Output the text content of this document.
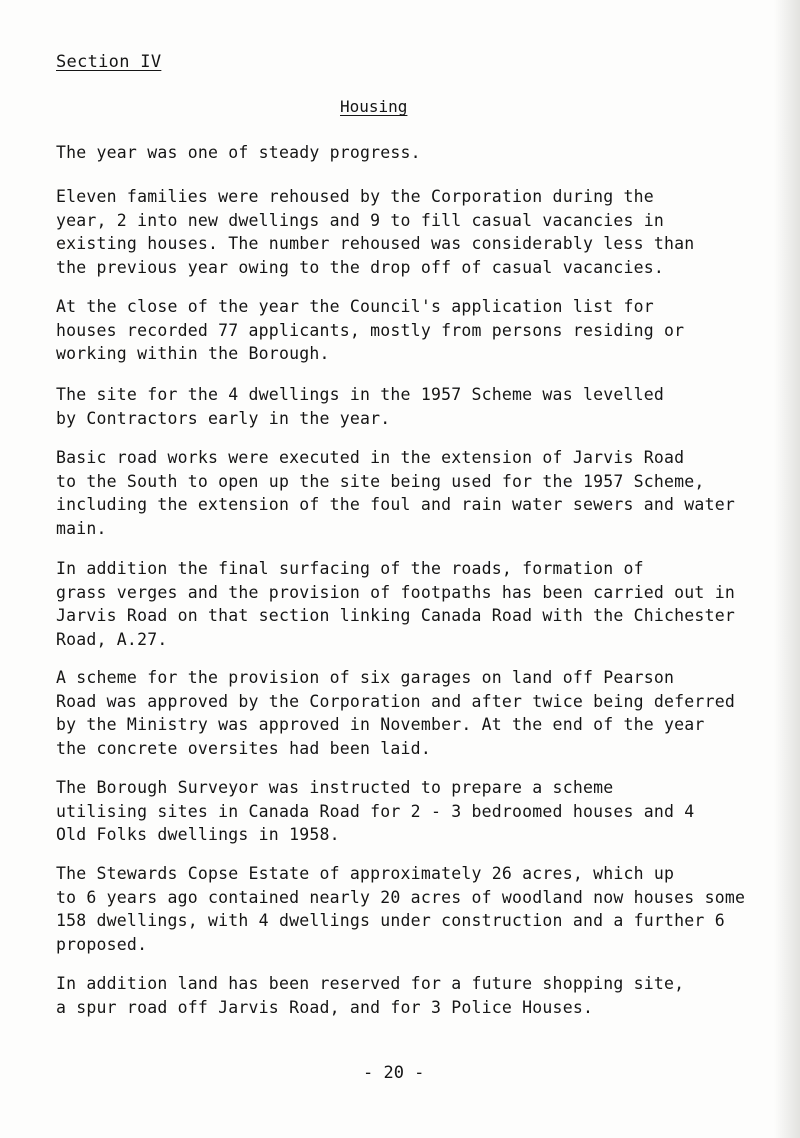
Section IV
Housing

The year was one of steady progress.

Eleven families were rehoused by the Corporation during the
year, 2 into new dwellings and 9 to fill casual vacancies in
existing houses. The number rehoused was considerably less than
the previous year owing to the drop off of casual vacancies.

At the close of the year the Council's application list for
houses recorded 77 applicants, mostly from persons residing or
working within the Borough.

The site for the 4 dwellings in the 1957 Scheme was levelled
by Contractors early in the year.

Basic road works were executed in the extension of Jarvis Road
to the South to open up the site being used for the 1957 Scheme,
including the extension of the foul and rain water sewers and water
main.

In addition the final surfacing of the roads, formation of
grass verges and the provision of footpaths has been carried out in
Jarvis Road on that section linking Canada Road with the Chichester
Road, A.27.

A scheme for the provision of six garages on land off Pearson
Road was approved by the Corporation and after twice being deferred
by the Ministry was approved in November. At the end of the year
the concrete oversites had been laid.

The Borough Surveyor was instructed to prepare a scheme
utilising sites in Canada Road for 2 - 3 bedroomed houses and 4
Old Folks dwellings in 1958.

The Stewards Copse Estate of approximately 26 acres, which up
to 6 years ago contained nearly 20 acres of woodland now houses some
158 dwellings, with 4 dwellings under construction and a further 6
proposed.

In addition land has been reserved for a future shopping site,
a spur road off Jarvis Road, and for 3 Police Houses.

- 20 -
